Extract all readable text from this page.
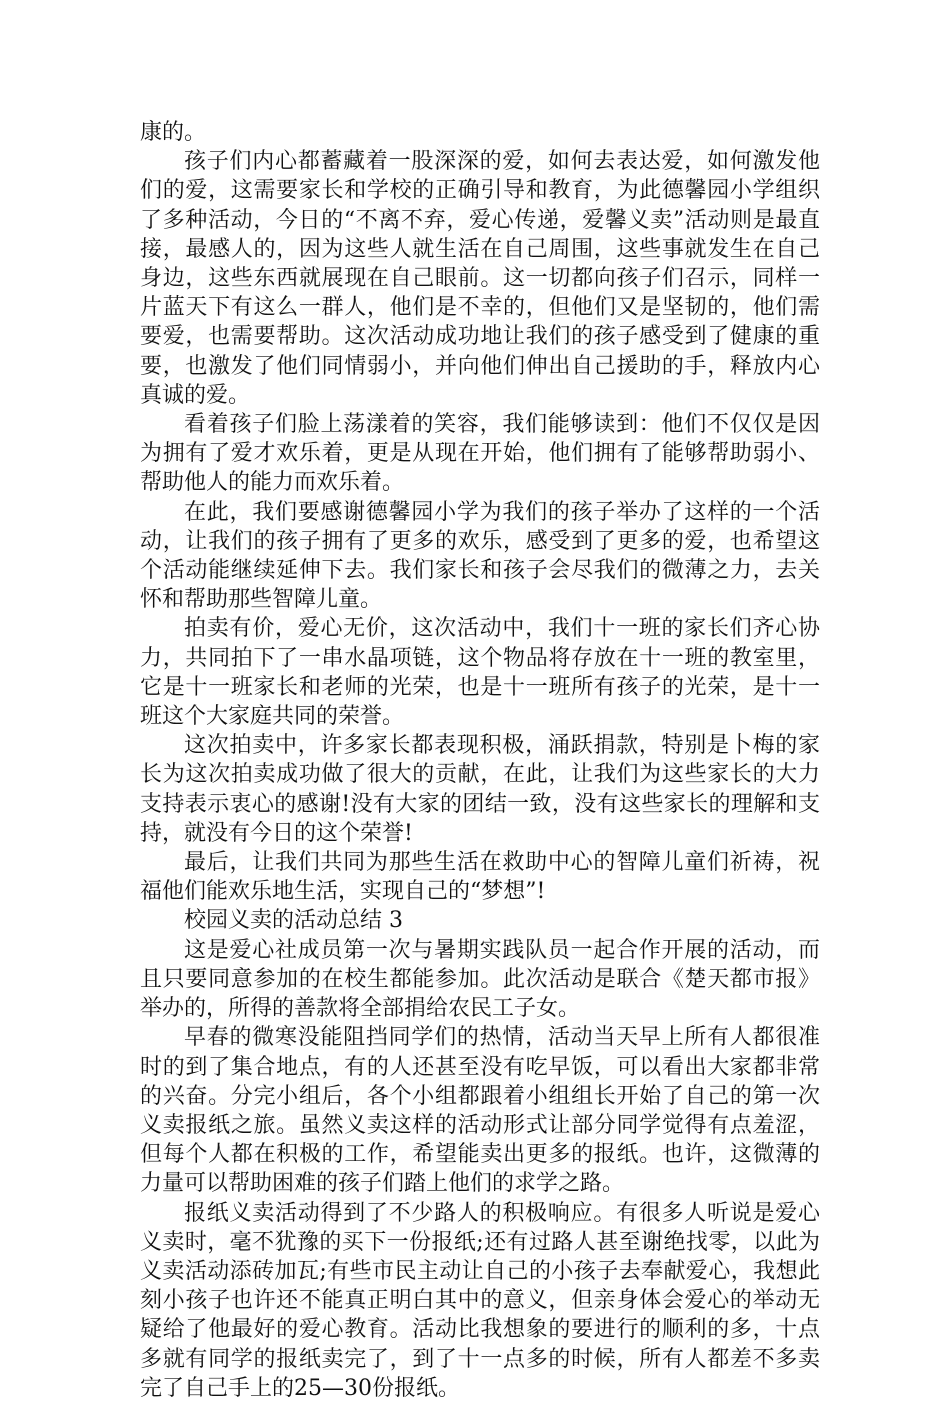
康的。

孩子们内心都蓄藏着一股深深的爱，如何去表达爱，如何激发他们的爱，这需要家长和学校的正确引导和教育，为此德馨园小学组织了多种活动，今日的“不离不弃，爱心传递，爱馨义卖”活动则是最直接，最感人的，因为这些人就生活在自己周围，这些事就发生在自己身边，这些东西就展现在自己眼前。这一切都向孩子们召示，同样一片蓝天下有这么一群人，他们是不幸的，但他们又是坚韧的，他们需要爱，也需要帮助。这次活动成功地让我们的孩子感受到了健康的重要，也激发了他们同情弱小，并向他们伸出自己援助的手，释放内心真诚的爱。

看着孩子们脸上荡漾着的笑容，我们能够读到：他们不仅仅是因为拥有了爱才欢乐着，更是从现在开始，他们拥有了能够帮助弱小、帮助他人的能力而欢乐着。

在此，我们要感谢德馨园小学为我们的孩子举办了这样的一个活动，让我们的孩子拥有了更多的欢乐，感受到了更多的爱，也希望这个活动能继续延伸下去。我们家长和孩子会尽我们的微薄之力，去关怀和帮助那些智障儿童。

拍卖有价，爱心无价，这次活动中，我们十一班的家长们齐心协力，共同拍下了一串水晶项链，这个物品将存放在十一班的教室里，它是十一班家长和老师的光荣，也是十一班所有孩子的光荣，是十一班这个大家庭共同的荣誉。

这次拍卖中，许多家长都表现积极，涌跃捐款，特别是卜梅的家长为这次拍卖成功做了很大的贡献，在此，让我们为这些家长的大力支持表示衷心的感谢!没有大家的团结一致，没有这些家长的理解和支持，就没有今日的这个荣誉!

最后，让我们共同为那些生活在救助中心的智障儿童们祈祷，祝福他们能欢乐地生活，实现自己的“梦想”!

校园义卖的活动总结 3

这是爱心社成员第一次与暑期实践队员一起合作开展的活动，而且只要同意参加的在校生都能参加。此次活动是联合《楚天都市报》举办的，所得的善款将全部捐给农民工子女。

早春的微寒没能阻挡同学们的热情，活动当天早上所有人都很准时的到了集合地点，有的人还甚至没有吃早饭，可以看出大家都非常的兴奋。分完小组后，各个小组都跟着小组组长开始了自己的第一次义卖报纸之旅。虽然义卖这样的活动形式让部分同学觉得有点羞涩，但每个人都在积极的工作，希望能卖出更多的报纸。也许，这微薄的力量可以帮助困难的孩子们踏上他们的求学之路。

报纸义卖活动得到了不少路人的积极响应。有很多人听说是爱心义卖时，毫不犹豫的买下一份报纸;还有过路人甚至谢绝找零，以此为义卖活动添砖加瓦;有些市民主动让自己的小孩子去奉献爱心，我想此刻小孩子也许还不能真正明白其中的意义，但亲身体会爱心的举动无疑给了他最好的爱心教育。活动比我想象的要进行的顺利的多，十点多就有同学的报纸卖完了，到了十一点多的时候，所有人都差不多卖完了自己手上的25—30份报纸。
